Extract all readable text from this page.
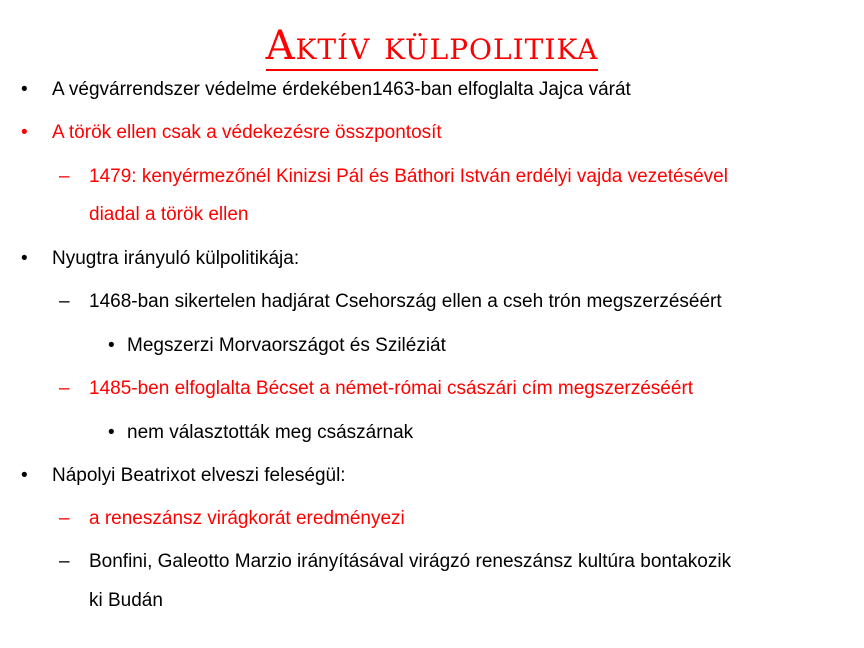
Aktív külpolitika
• A végvárrendszer védelme érdekében1463-ban elfoglalta Jajca várát
• A török ellen csak a védekezésre összpontosít
– 1479: kenyérmezőnél Kinizsi Pál és Báthori István erdélyi vajda vezetésével
diadal a török ellen
• Nyugtra irányuló külpolitikája:
– 1468-ban sikertelen hadjárat Csehország ellen a cseh trón megszerzéséért
• Megszerzi Morvaországot és Sziléziát
– 1485-ben elfoglalta Bécset a német-római császári cím megszerzéséért
• nem választották meg császárnak
• Nápolyi Beatrixot elveszi feleségül:
– a reneszánsz virágkorát eredményezi
– Bonfini, Galeotto Marzio irányításával virágzó reneszánsz kultúra bontakozik
ki Budán
